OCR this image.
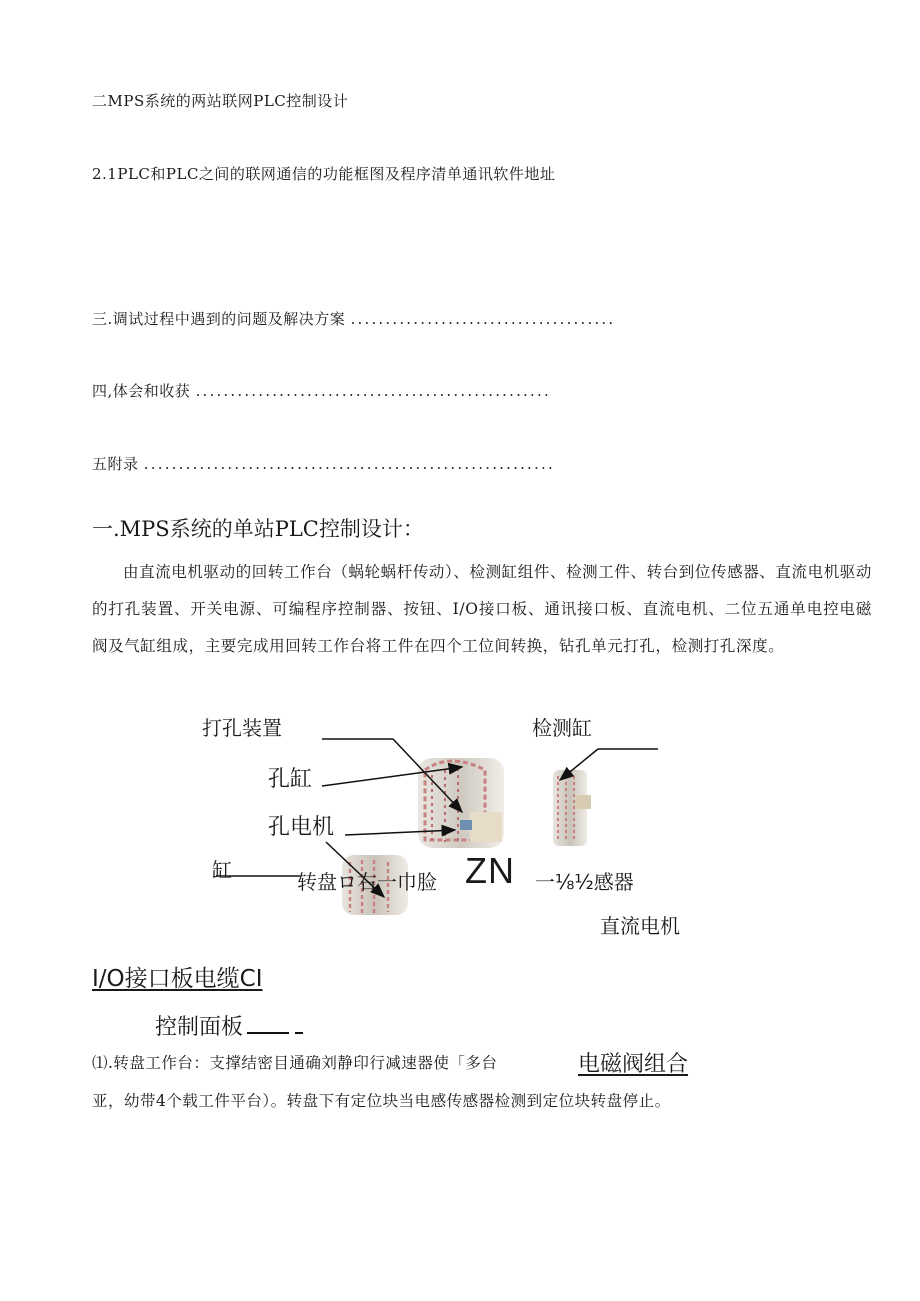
二MPS系统的两站联网PLC控制设计
2.1PLC和PLC之间的联网通信的功能框图及程序清单通讯软件地址
三.调试过程中遇到的问题及解决方案 ......................................
四,体会和收获 ...................................................
五附录 ...........................................................
一.MPS系统的单站PLC控制设计：

由直流电机驱动的回转工作台（蜗轮蜗杆传动）、检测缸组件、检测工件、转台到位传感器、直流电机驱动的打孔装置、开关电源、可编程序控制器、按钮、I/O接口板、通讯接口板、直流电机、二位五通单电控电磁阀及气缸组成，主要完成用回转工作台将工件在四个工位间转换，钻孔单元打孔，检测打孔深度。

打孔装置	检测缸
孔缸
孔电机
缸	转盘ロ右一巾脸 ZN 一⅛½感器
直流电机
I/O接口板电缆CI
控制面板
⑴.转盘工作台：支撑结密目通确刘静印行减速器使「多台	电磁阀组合
亚，幼带4个载工件平台）。转盘下有定位块当电感传感器检测到定位块转盘停止。
